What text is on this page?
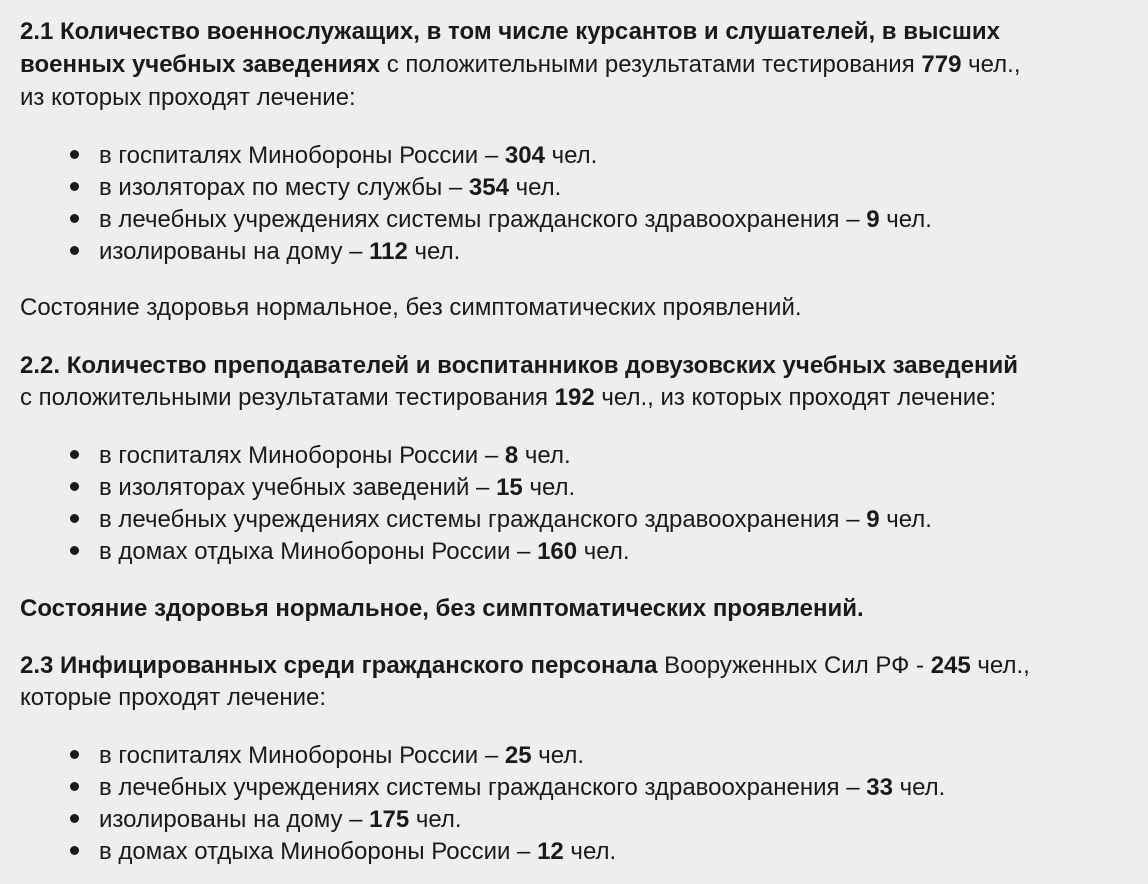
2.1 Количество военнослужащих, в том числе курсантов и слушателей, в высших
военных учебных заведениях с положительными результатами тестирования 779 чел.,
из которых проходят лечение:
в госпиталях Минобороны России – 304 чел.
в изоляторах по месту службы – 354 чел.
в лечебных учреждениях системы гражданского здравоохранения – 9 чел.
изолированы на дому – 112 чел.
Состояние здоровья нормальное, без симптоматических проявлений.
2.2. Количество преподавателей и воспитанников довузовских учебных заведений
с положительными результатами тестирования 192 чел., из которых проходят лечение:
в госпиталях Минобороны России – 8 чел.
в изоляторах учебных заведений – 15 чел.
в лечебных учреждениях системы гражданского здравоохранения – 9 чел.
в домах отдыха Минобороны России – 160 чел.
Состояние здоровья нормальное, без симптоматических проявлений.
2.3 Инфицированных среди гражданского персонала Вооруженных Сил РФ - 245 чел.,
которые проходят лечение:
в госпиталях Минобороны России – 25 чел.
в лечебных учреждениях системы гражданского здравоохранения – 33 чел.
изолированы на дому – 175 чел.
в домах отдыха Минобороны России – 12 чел.
